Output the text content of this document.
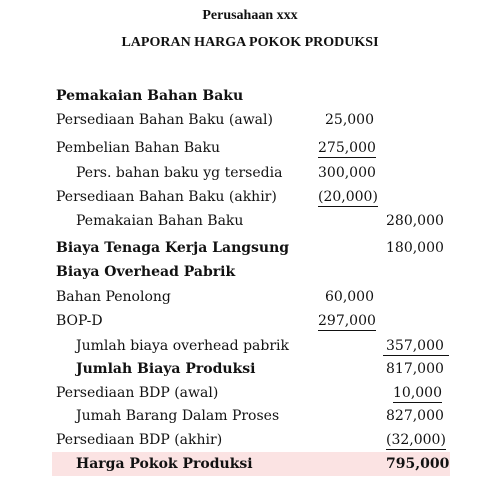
Perusahaan xxx
LAPORAN HARGA POKOK PRODUKSI
Pemakaian Bahan Baku
Persediaan Bahan Baku (awal)	25,000
Pembelian Bahan Baku	275,000
Pers. bahan baku yg tersedia	300,000
Persediaan Bahan Baku (akhir)	(20,000)
Pemakaian Bahan Baku	280,000
Biaya Tenaga Kerja Langsung	180,000
Biaya Overhead Pabrik
Bahan Penolong	60,000
BOP-D	297,000
Jumlah biaya overhead pabrik	357,000
Jumlah Biaya Produksi	817,000
Persediaan BDP (awal)	10,000
Jumah Barang Dalam Proses	827,000
Persediaan BDP (akhir)	(32,000)
Harga Pokok Produksi	795,000
